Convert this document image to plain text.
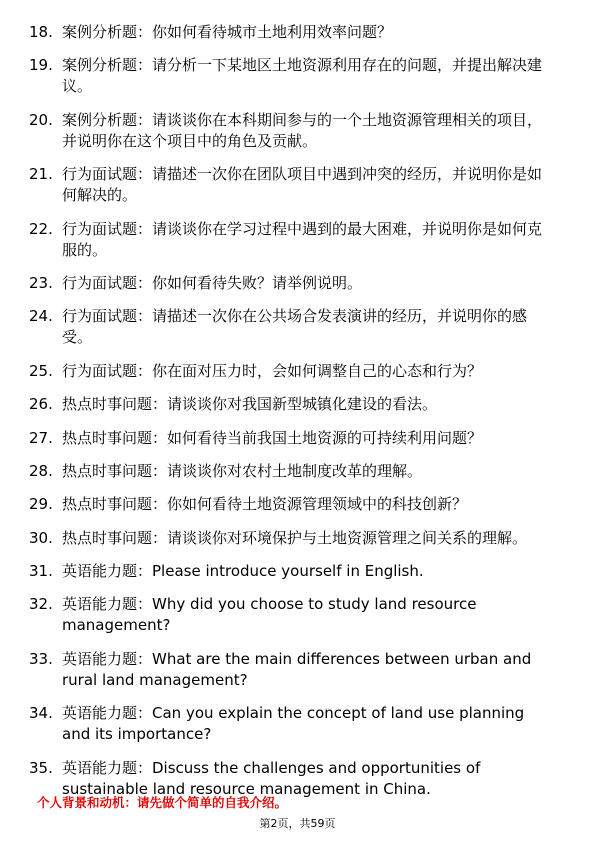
18. 案例分析题：你如何看待城市土地利用效率问题？
19. 案例分析题：请分析一下某地区土地资源利用存在的问题，并提出解决建议。
20. 案例分析题：请谈谈你在本科期间参与的一个土地资源管理相关的项目，并说明你在这个项目中的角色及贡献。
21. 行为面试题：请描述一次你在团队项目中遇到冲突的经历，并说明你是如何解决的。
22. 行为面试题：请谈谈你在学习过程中遇到的最大困难，并说明你是如何克服的。
23. 行为面试题：你如何看待失败？请举例说明。
24. 行为面试题：请描述一次你在公共场合发表演讲的经历，并说明你的感受。
25. 行为面试题：你在面对压力时，会如何调整自己的心态和行为？
26. 热点时事问题：请谈谈你对我国新型城镇化建设的看法。
27. 热点时事问题：如何看待当前我国土地资源的可持续利用问题？
28. 热点时事问题：请谈谈你对农村土地制度改革的理解。
29. 热点时事问题：你如何看待土地资源管理领域中的科技创新？
30. 热点时事问题：请谈谈你对环境保护与土地资源管理之间关系的理解。
31. 英语能力题：Please introduce yourself in English.
32. 英语能力题：Why did you choose to study land resource management?
33. 英语能力题：What are the main differences between urban and rural land management?
34. 英语能力题：Can you explain the concept of land use planning and its importance?
35. 英语能力题：Discuss the challenges and opportunities of sustainable land resource management in China.
个人背景和动机：请先做个简单的自我介绍。
第2页，共59页
